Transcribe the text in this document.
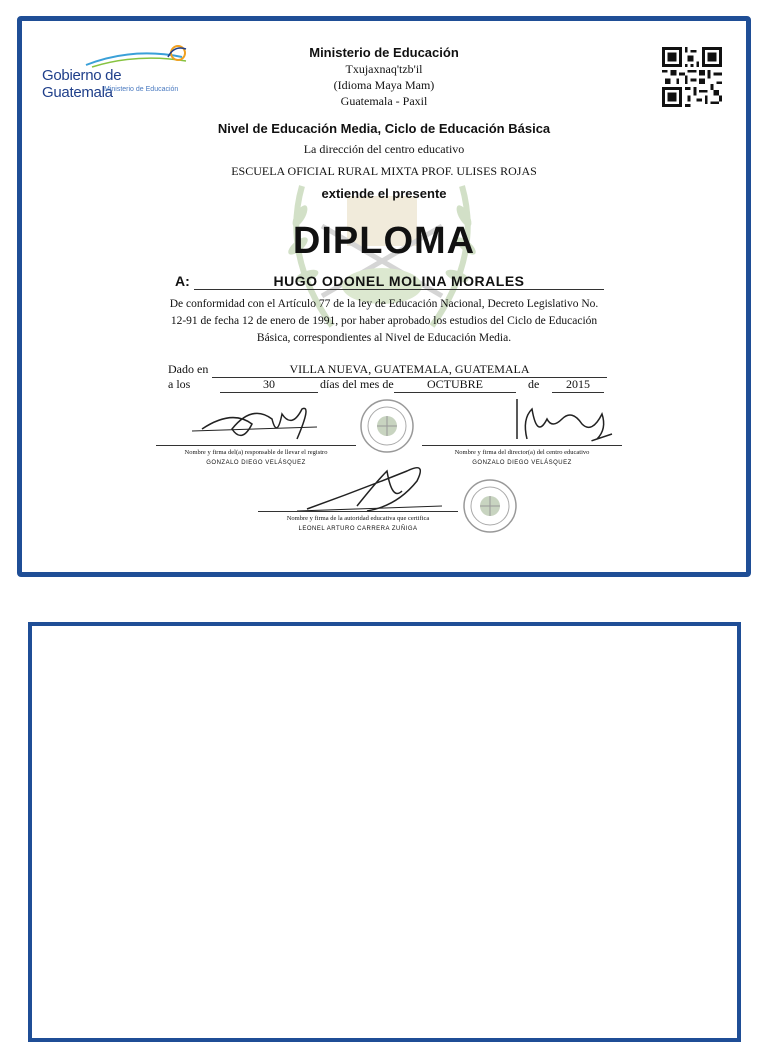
Gobierno de Guatemala
Ministerio de Educación
Ministerio de Educación
Txujaxnaq'tzb'il
(Idioma Maya Mam)
Guatemala - Paxil
Nivel de Educación Media, Ciclo de Educación Básica
La dirección del centro educativo
ESCUELA OFICIAL RURAL MIXTA PROF. ULISES ROJAS
extiende el presente
DIPLOMA
A:	HUGO ODONEL MOLINA MORALES
De conformidad con el Artículo 77 de la ley de Educación Nacional, Decreto Legislativo No.
12-91 de fecha 12 de enero de 1991, por haber aprobado los estudios del Ciclo de Educación
Básica, correspondientes al Nivel de Educación Media.
Dado en	VILLA NUEVA, GUATEMALA, GUATEMALA
a los	30	días del mes de	OCTUBRE	de	2015
Nombre y firma del(a) responsable de llevar el registro
GONZALO DIEGO VELÁSQUEZ
Nombre y firma del director(a) del centro educativo
GONZALO DIEGO VELÁSQUEZ
Nombre y firma de la autoridad educativa que certifica
LEONEL ARTURO CARRERA ZUÑIGA
